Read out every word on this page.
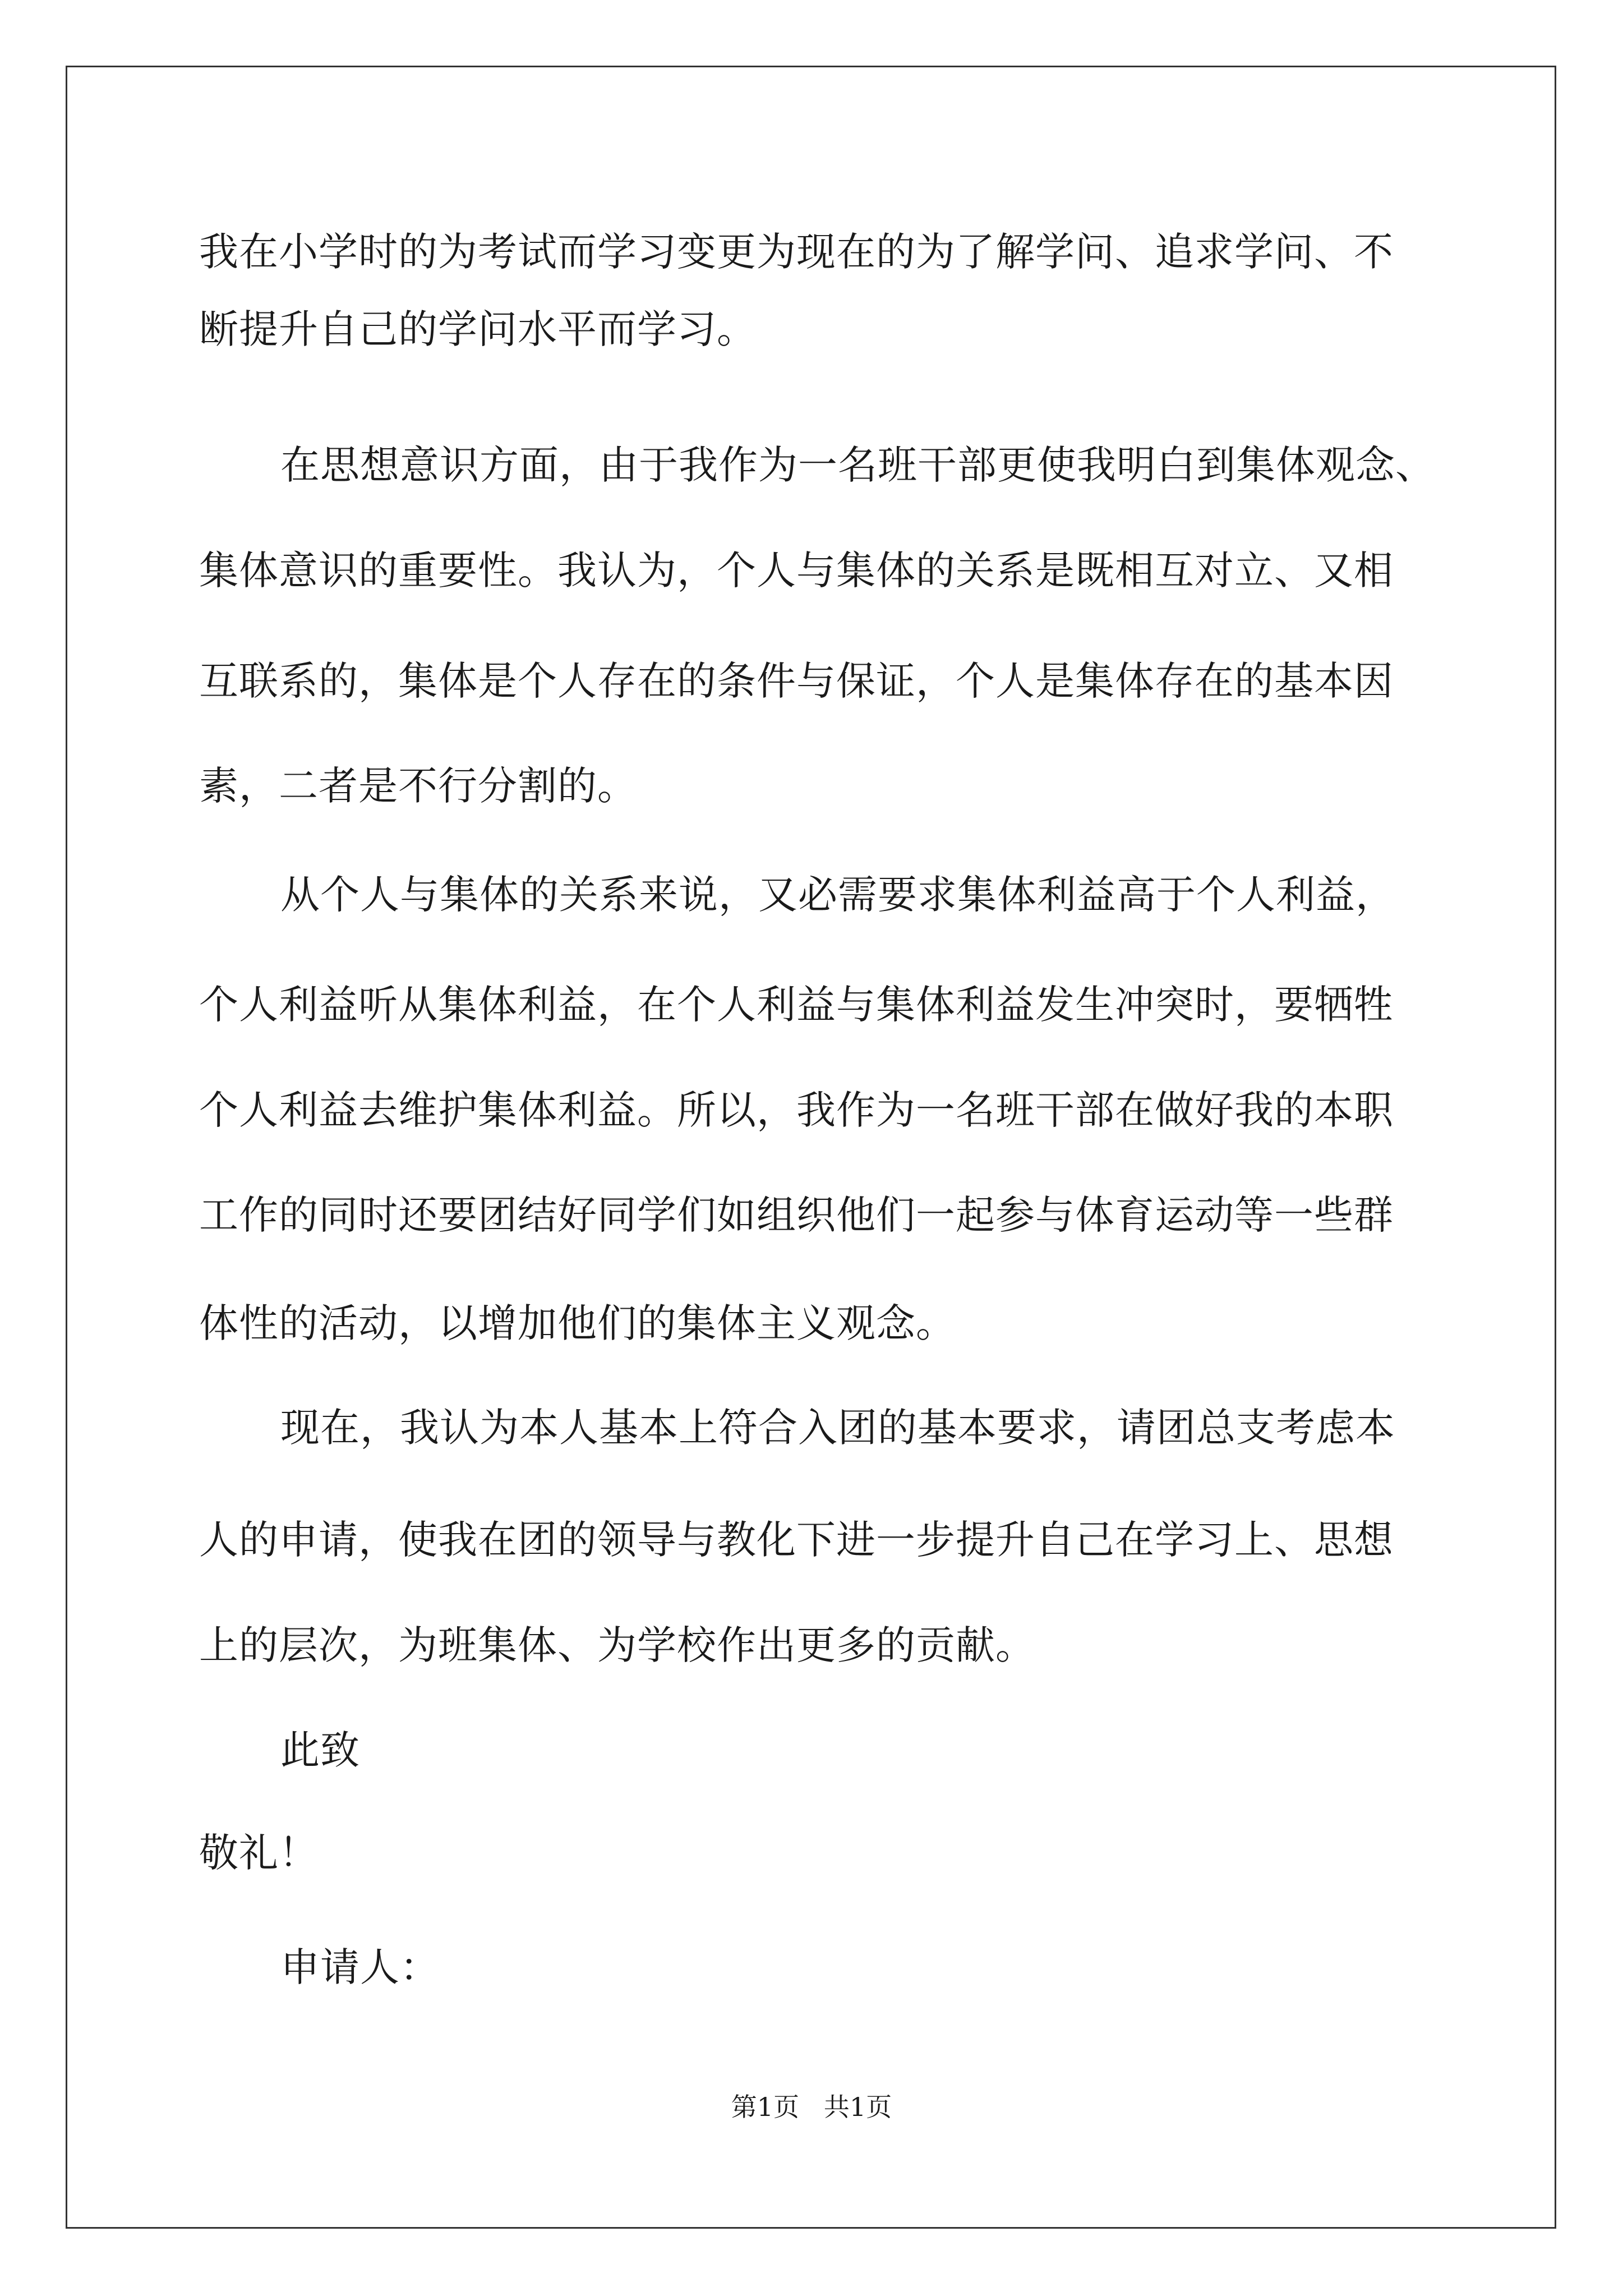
我在小学时的为考试而学习变更为现在的为了解学问、追求学问、不
断提升自己的学问水平而学习。
在思想意识方面，由于我作为一名班干部更使我明白到集体观念、
集体意识的重要性。我认为，个人与集体的关系是既相互对立、又相
互联系的，集体是个人存在的条件与保证，个人是集体存在的基本因
素，二者是不行分割的。
从个人与集体的关系来说，又必需要求集体利益高于个人利益，
个人利益听从集体利益，在个人利益与集体利益发生冲突时，要牺牲
个人利益去维护集体利益。所以，我作为一名班干部在做好我的本职
工作的同时还要团结好同学们如组织他们一起参与体育运动等一些群
体性的活动，以增加他们的集体主义观念。
现在，我认为本人基本上符合入团的基本要求，请团总支考虑本
人的申请，使我在团的领导与教化下进一步提升自己在学习上、思想
上的层次，为班集体、为学校作出更多的贡献。
此致
敬礼！
申请人：
第1页   共1页
